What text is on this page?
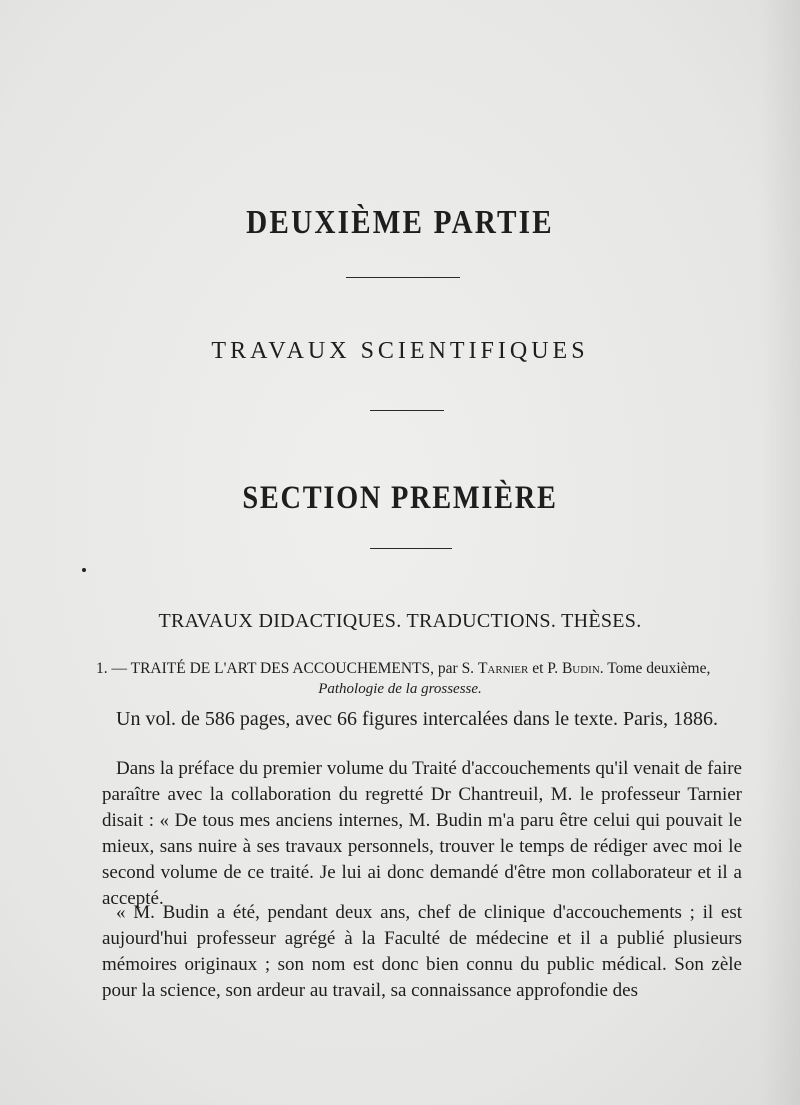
DEUXIÈME PARTIE
TRAVAUX SCIENTIFIQUES
SECTION PREMIÈRE
TRAVAUX DIDACTIQUES. TRADUCTIONS. THÈSES.
1. — TRAITÉ DE L'ART DES ACCOUCHEMENTS, par S. Tarnier et P. Budin. Tome deuxième,
Pathologie de la grossesse.
Un vol. de 586 pages, avec 66 figures intercalées dans le texte. Paris, 1886.
Dans la préface du premier volume du Traité d'accouchements qu'il venait de faire paraître avec la collaboration du regretté Dr Chantreuil, M. le professeur Tarnier disait : « De tous mes anciens internes, M. Budin m'a paru être celui qui pouvait le mieux, sans nuire à ses travaux personnels, trouver le temps de rédiger avec moi le second volume de ce traité. Je lui ai donc demandé d'être mon collaborateur et il a accepté.
« M. Budin a été, pendant deux ans, chef de clinique d'accouchements ; il est aujourd'hui professeur agrégé à la Faculté de médecine et il a publié plusieurs mémoires originaux ; son nom est donc bien connu du public médical. Son zèle pour la science, son ardeur au travail, sa connaissance approfondie des
